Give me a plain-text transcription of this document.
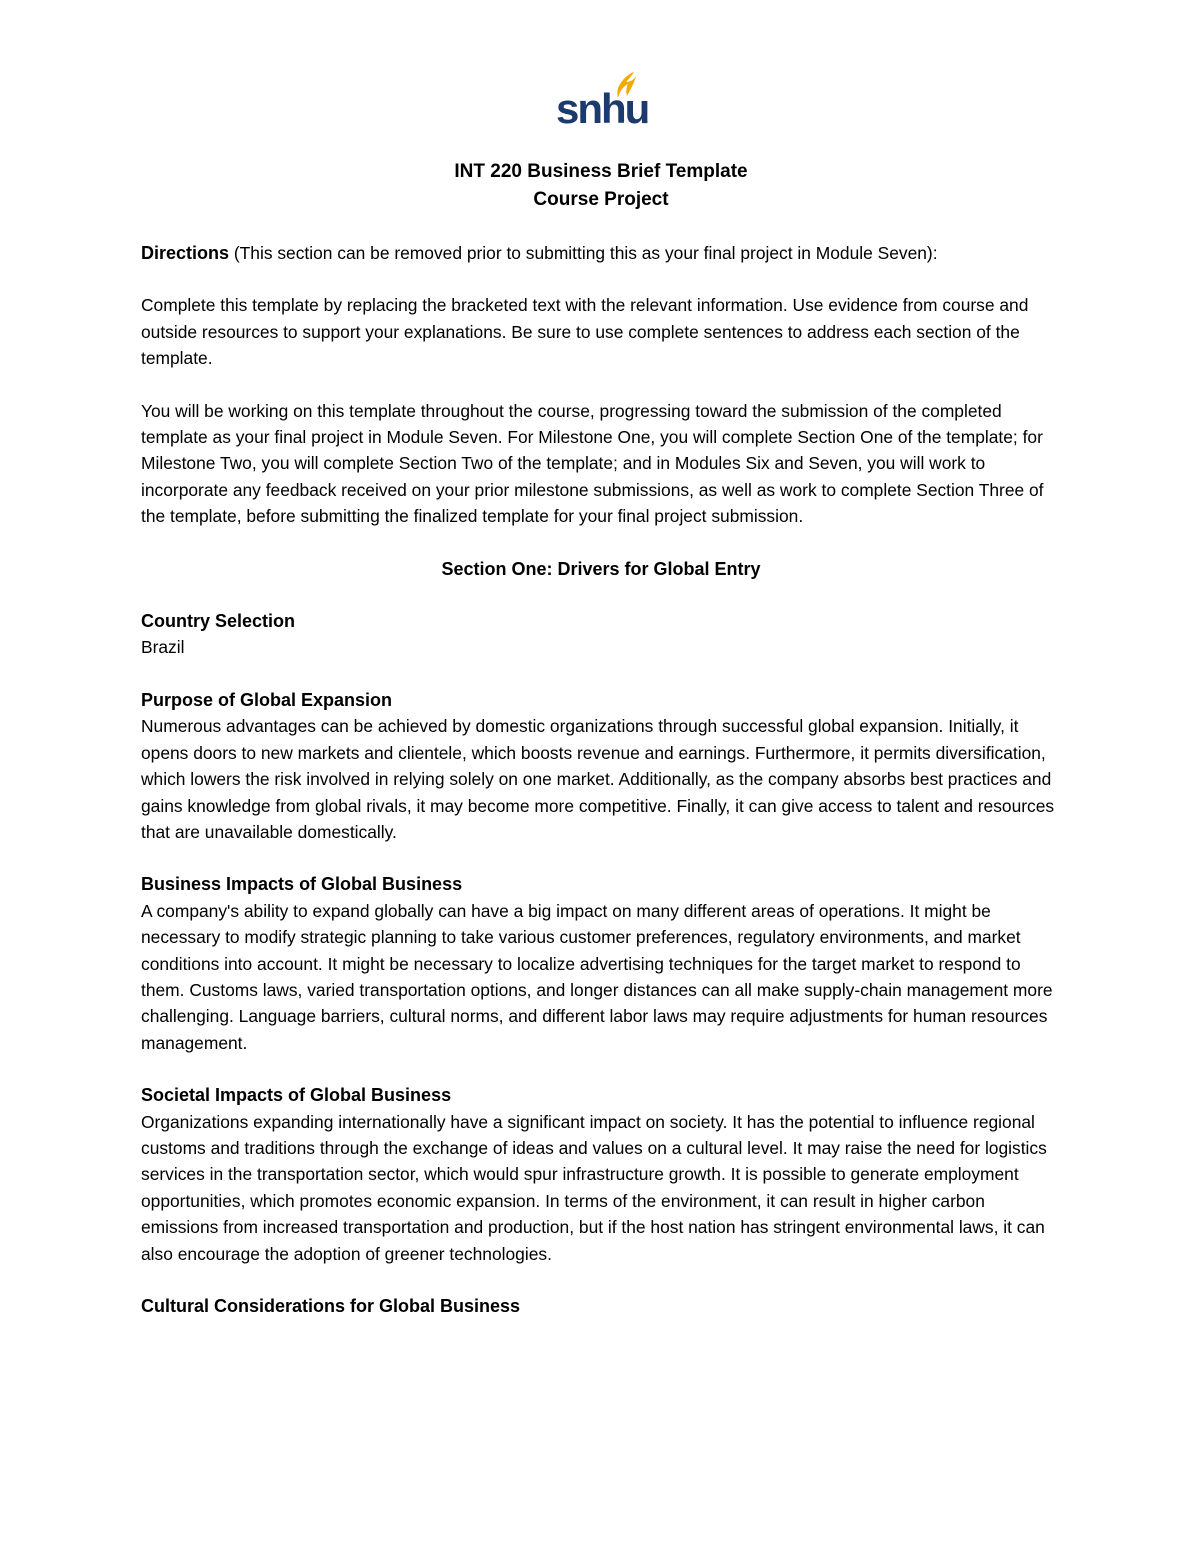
snhu

INT 220 Business Brief Template

Course Project

Directions (This section can be removed prior to submitting this as your final project in Module Seven):

Complete this template by replacing the bracketed text with the relevant information. Use evidence from course and outside resources to support your explanations. Be sure to use complete sentences to address each section of the template.

You will be working on this template throughout the course, progressing toward the submission of the completed template as your final project in Module Seven. For Milestone One, you will complete Section One of the template; for Milestone Two, you will complete Section Two of the template; and in Modules Six and Seven, you will work to incorporate any feedback received on your prior milestone submissions, as well as work to complete Section Three of the template, before submitting the finalized template for your final project submission.

Section One: Drivers for Global Entry

Country Selection

Brazil

Purpose of Global Expansion

Numerous advantages can be achieved by domestic organizations through successful global expansion. Initially, it opens doors to new markets and clientele, which boosts revenue and earnings. Furthermore, it permits diversification, which lowers the risk involved in relying solely on one market. Additionally, as the company absorbs best practices and gains knowledge from global rivals, it may become more competitive. Finally, it can give access to talent and resources that are unavailable domestically.

Business Impacts of Global Business

A company's ability to expand globally can have a big impact on many different areas of operations. It might be necessary to modify strategic planning to take various customer preferences, regulatory environments, and market conditions into account. It might be necessary to localize advertising techniques for the target market to respond to them. Customs laws, varied transportation options, and longer distances can all make supply-chain management more challenging. Language barriers, cultural norms, and different labor laws may require adjustments for human resources management.

Societal Impacts of Global Business

Organizations expanding internationally have a significant impact on society. It has the potential to influence regional customs and traditions through the exchange of ideas and values on a cultural level. It may raise the need for logistics services in the transportation sector, which would spur infrastructure growth. It is possible to generate employment opportunities, which promotes economic expansion. In terms of the environment, it can result in higher carbon emissions from increased transportation and production, but if the host nation has stringent environmental laws, it can also encourage the adoption of greener technologies.

Cultural Considerations for Global Business
